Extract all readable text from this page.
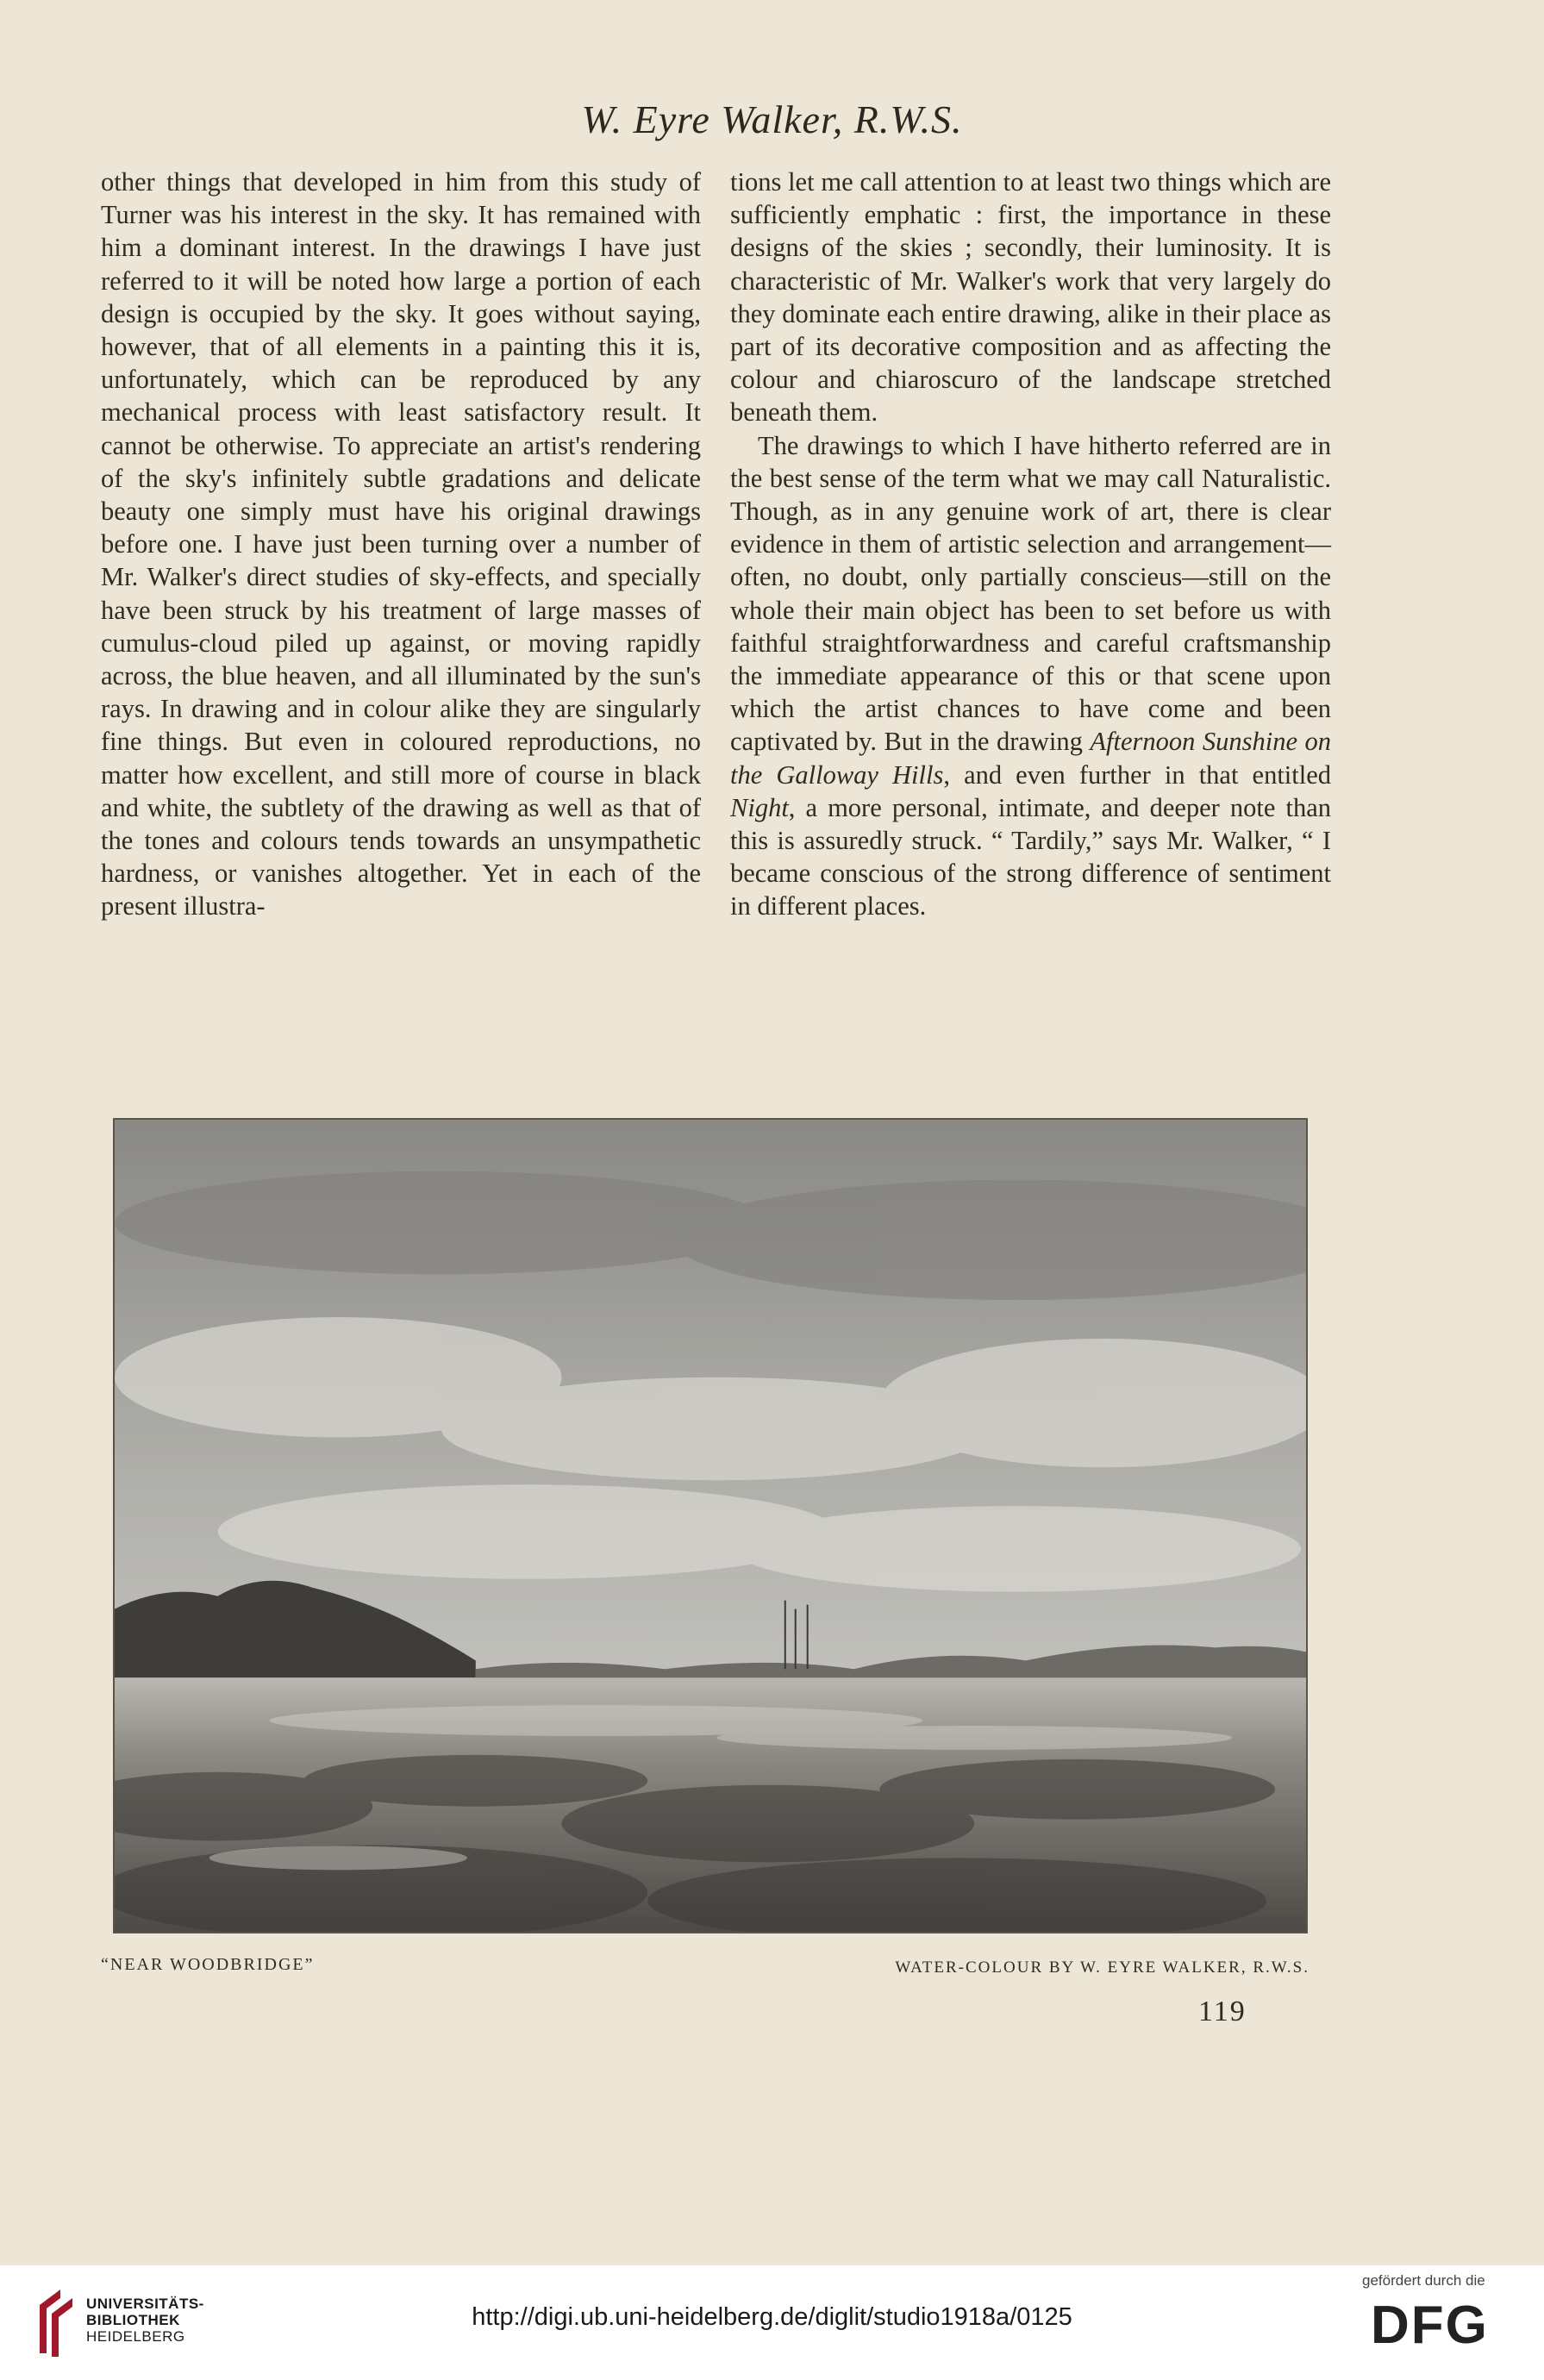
W. Eyre Walker, R.W.S.

other things that developed in him from this study of Turner was his interest in the sky. It has remained with him a dominant interest. In the drawings I have just referred to it will be noted how large a portion of each design is occupied by the sky. It goes without saying, however, that of all elements in a painting this it is, unfortunately, which can be reproduced by any mechanical process with least satisfactory result. It cannot be otherwise. To appreciate an artist's rendering of the sky's infinitely subtle gradations and delicate beauty one simply must have his original drawings before one. I have just been turning over a number of Mr. Walker's direct studies of sky-effects, and specially have been struck by his treatment of large masses of cumulus-cloud piled up against, or moving rapidly across, the blue heaven, and all illuminated by the sun's rays. In drawing and in colour alike they are singularly fine things. But even in coloured reproductions, no matter how excellent, and still more of course in black and white, the subtlety of the drawing as well as that of the tones and colours tends towards an unsympathetic hardness, or vanishes altogether. Yet in each of the present illustra-

tions let me call attention to at least two things which are sufficiently emphatic : first, the importance in these designs of the skies ; secondly, their luminosity. It is characteristic of Mr. Walker's work that very largely do they dominate each entire drawing, alike in their place as part of its decorative composition and as affecting the colour and chiaroscuro of the landscape stretched beneath them.

The drawings to which I have hitherto referred are in the best sense of the term what we may call Naturalistic. Though, as in any genuine work of art, there is clear evidence in them of artistic selection and arrangement—often, no doubt, only partially conscieus—still on the whole their main object has been to set before us with faithful straightforwardness and careful craftsmanship the immediate appearance of this or that scene upon which the artist chances to have come and been captivated by. But in the drawing Afternoon Sunshine on the Galloway Hills, and even further in that entitled Night, a more personal, intimate, and deeper note than this is assuredly struck. “ Tardily,” says Mr. Walker, “ I became conscious of the strong difference of sentiment in different places.

“NEAR WOODBRIDGE”	WATER-COLOUR BY W. EYRE WALKER, R.W.S.
119
UNIVERSITÄTS-
BIBLIOTHEK
HEIDELBERG
http://digi.ub.uni-heidelberg.de/diglit/studio1918a/0125
gefördert durch die
DFG
